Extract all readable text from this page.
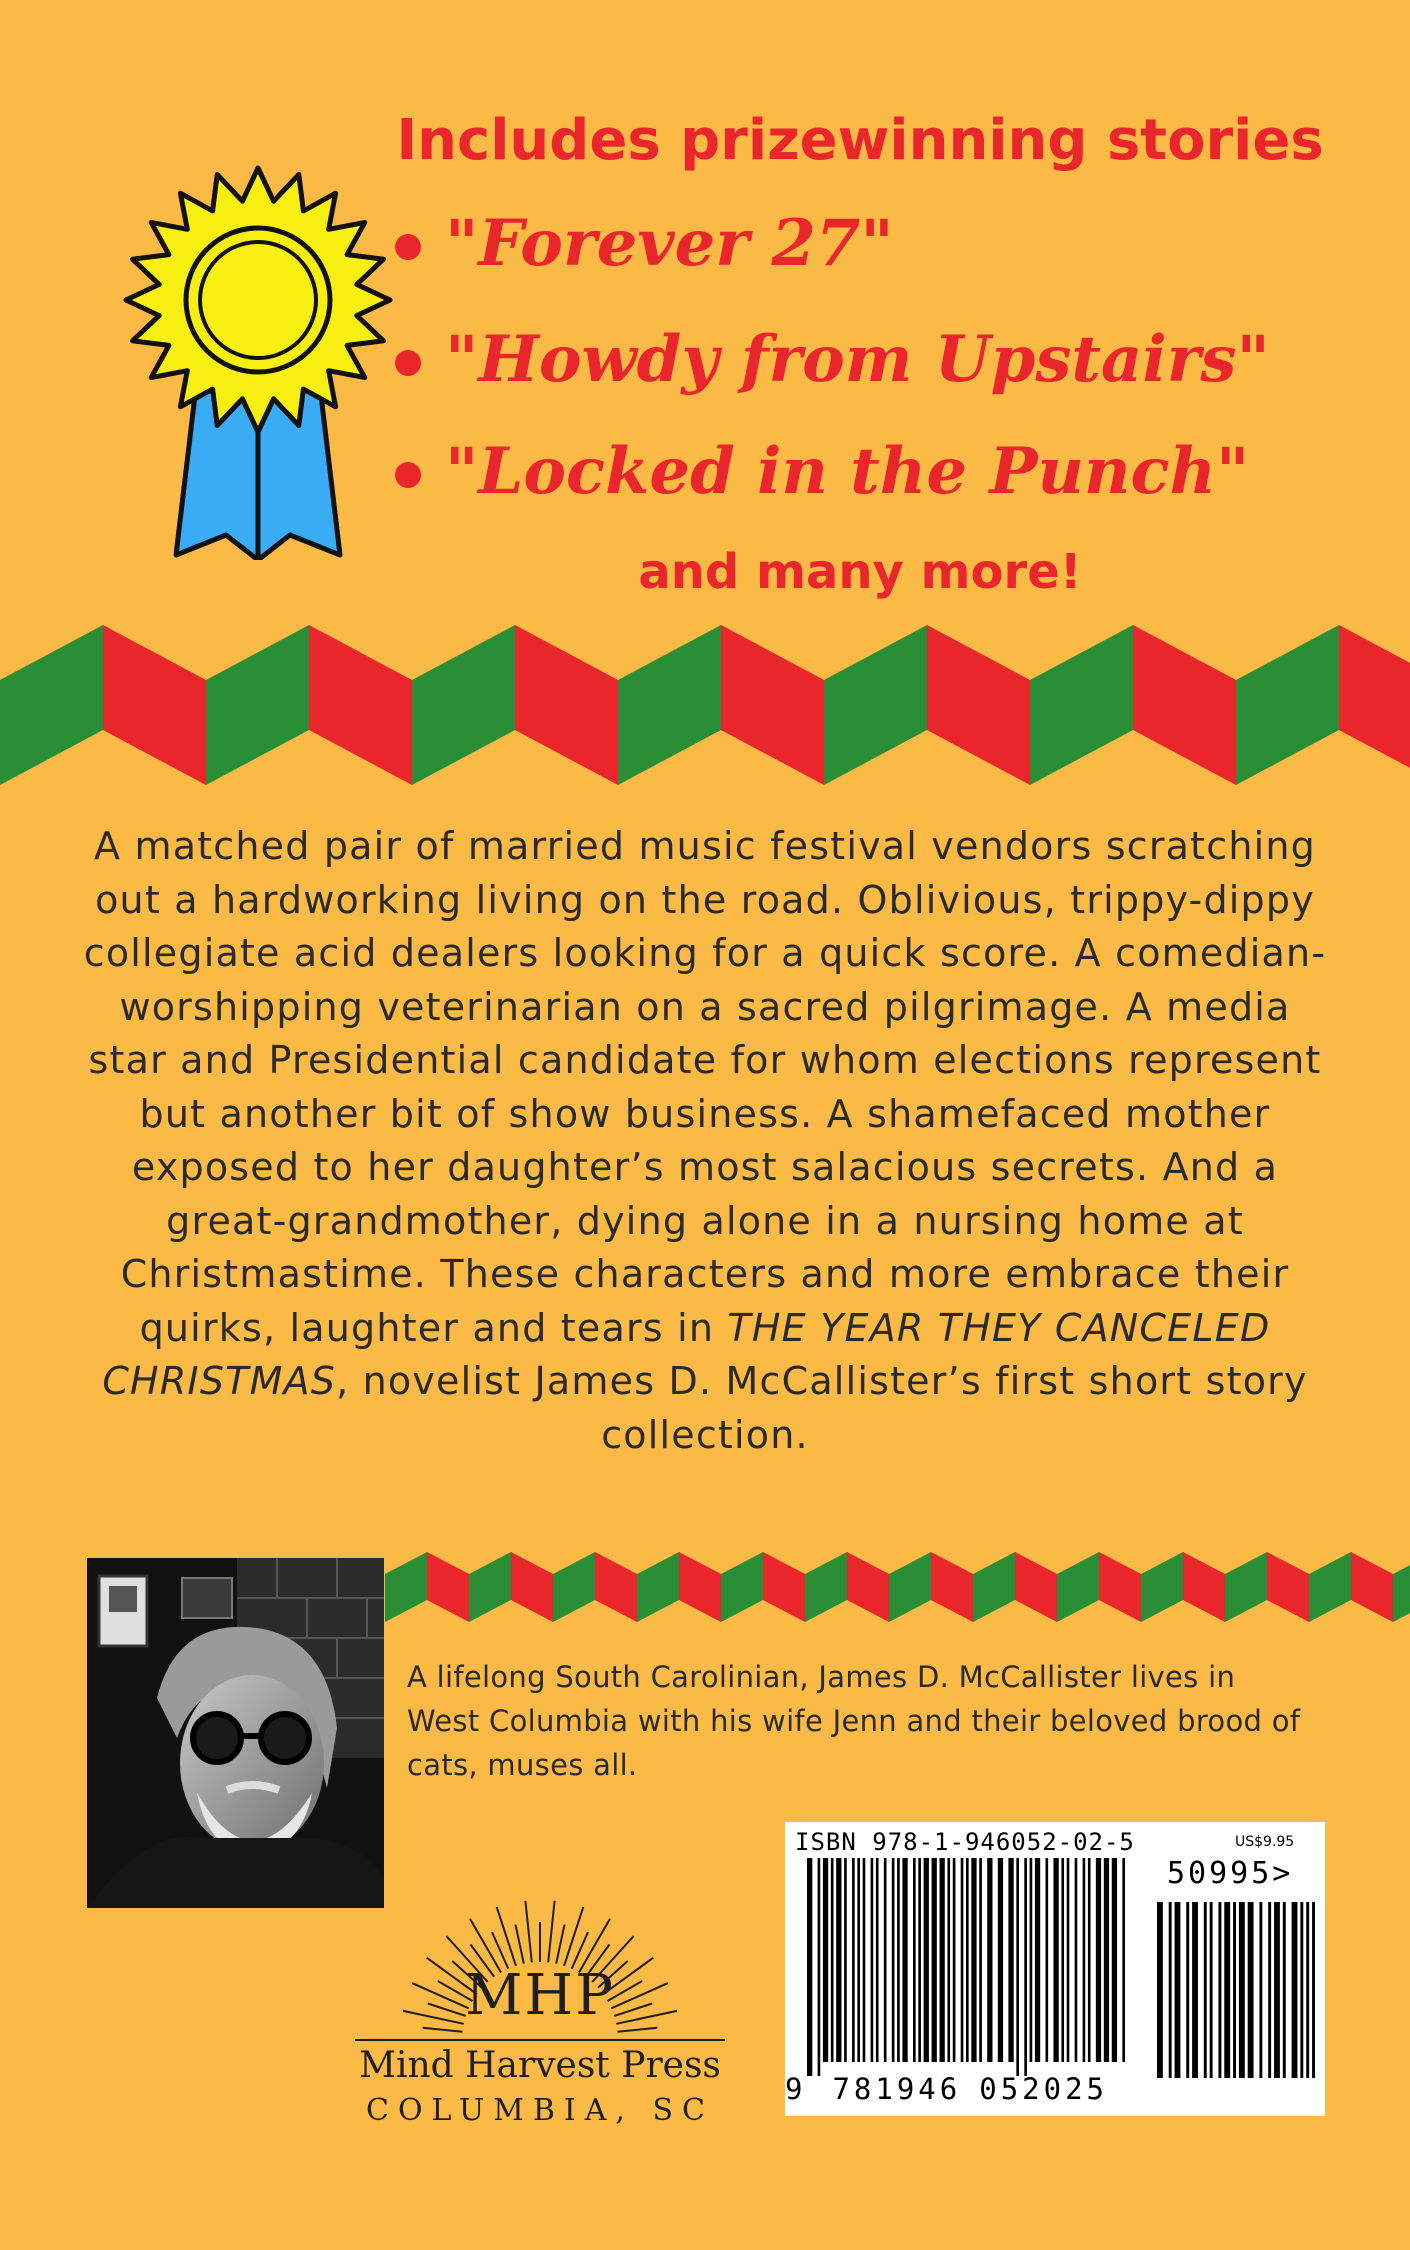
Includes prizewinning stories
"Forever 27"
"Howdy from Upstairs"
"Locked in the Punch"
and many more!
A matched pair of married music festival vendors scratching out a hardworking living on the road. Oblivious, trippy-dippy collegiate acid dealers looking for a quick score. A comedian-worshipping veterinarian on a sacred pilgrimage. A media star and Presidential candidate for whom elections represent but another bit of show business. A shamefaced mother exposed to her daughter’s most salacious secrets. And a great-grandmother, dying alone in a nursing home at Christmastime. These characters and more embrace their quirks, laughter and tears in THE YEAR THEY CANCELED CHRISTMAS, novelist James D. McCallister’s first short story collection.
A lifelong South Carolinian, James D. McCallister lives in West Columbia with his wife Jenn and their beloved brood of cats, muses all.
MHP
Mind Harvest Press
COLUMBIA, SC
ISBN 978-1-946052-02-5	US$9.95
50995>
9 781946 052025
